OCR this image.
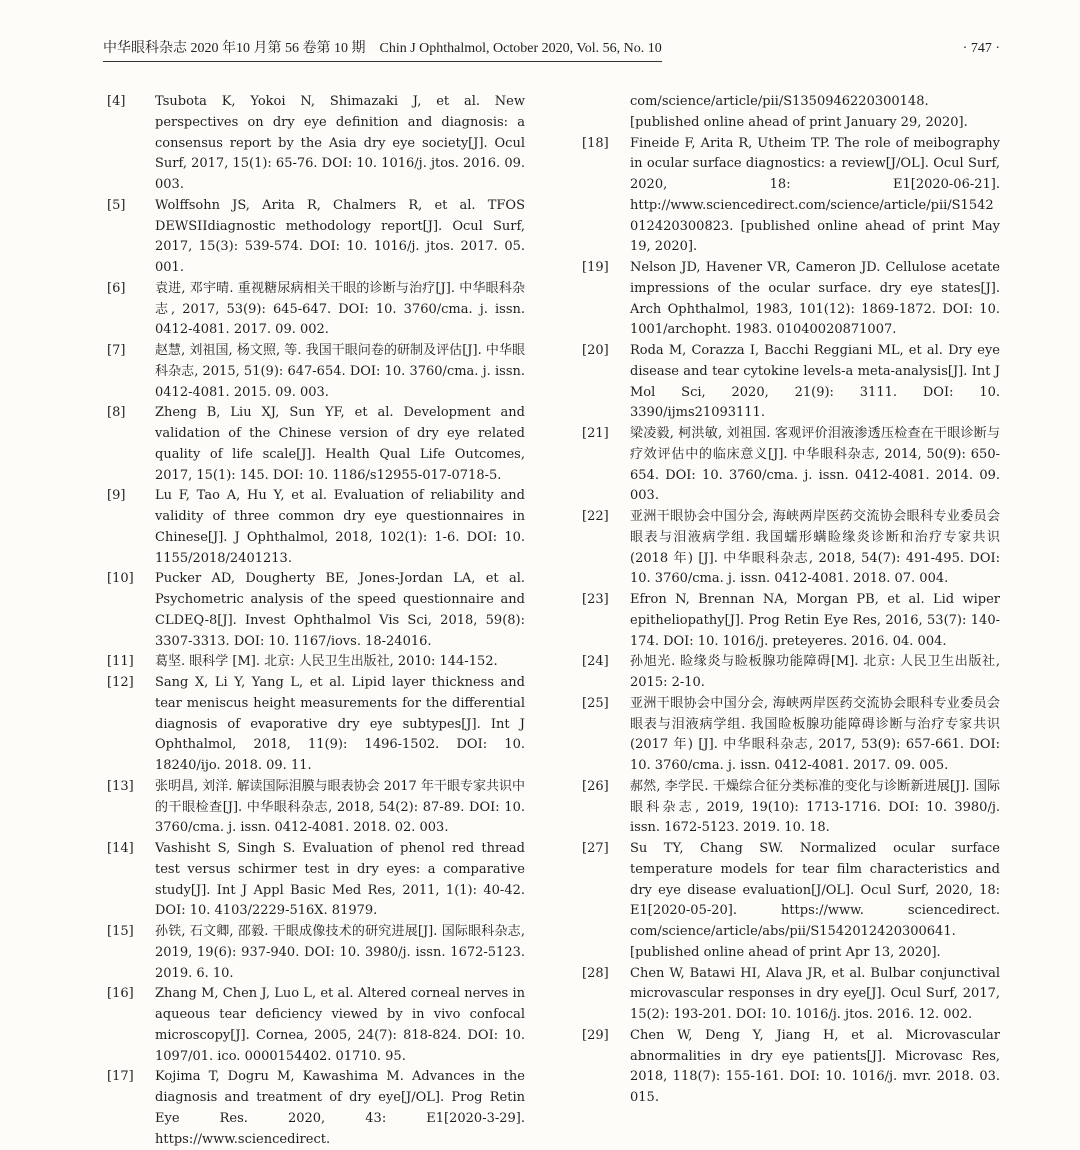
中华眼科杂志 2020 年10 月第 56 卷第 10 期 Chin J Ophthalmol, October 2020, Vol. 56, No. 10	· 747 ·
[4] Tsubota K, Yokoi N, Shimazaki J, et al. New perspectives on dry eye definition and diagnosis: a consensus report by the Asia dry eye society[J]. Ocul Surf, 2017, 15(1): 65-76. DOI: 10. 1016/j. jtos. 2016. 09. 003.
[5] Wolffsohn JS, Arita R, Chalmers R, et al. TFOS DEWSIIdiagnostic methodology report[J]. Ocul Surf, 2017, 15(3): 539-574. DOI: 10. 1016/j. jtos. 2017. 05. 001.
[6] 袁进, 邓宇晴. 重视糖尿病相关干眼的诊断与治疗[J]. 中华眼科杂志, 2017, 53(9): 645-647. DOI: 10. 3760/cma. j. issn. 0412-4081. 2017. 09. 002.
[7] 赵慧, 刘祖国, 杨文照, 等. 我国干眼问卷的研制及评估[J]. 中华眼科杂志, 2015, 51(9): 647-654. DOI: 10. 3760/cma. j. issn. 0412-4081. 2015. 09. 003.
[8] Zheng B, Liu XJ, Sun YF, et al. Development and validation of the Chinese version of dry eye related quality of life scale[J]. Health Qual Life Outcomes, 2017, 15(1): 145. DOI: 10. 1186/s12955-017-0718-5.
[9] Lu F, Tao A, Hu Y, et al. Evaluation of reliability and validity of three common dry eye questionnaires in Chinese[J]. J Ophthalmol, 2018, 102(1): 1-6. DOI: 10. 1155/2018/2401213.
[10] Pucker AD, Dougherty BE, Jones-Jordan LA, et al. Psychometric analysis of the speed questionnaire and CLDEQ-8[J]. Invest Ophthalmol Vis Sci, 2018, 59(8): 3307-3313. DOI: 10. 1167/iovs. 18-24016.
[11] 葛坚. 眼科学 [M]. 北京: 人民卫生出版社, 2010: 144-152.
[12] Sang X, Li Y, Yang L, et al. Lipid layer thickness and tear meniscus height measurements for the differential diagnosis of evaporative dry eye subtypes[J]. Int J Ophthalmol, 2018, 11(9): 1496-1502. DOI: 10. 18240/ijo. 2018. 09. 11.
[13] 张明昌, 刘洋. 解读国际泪膜与眼表协会 2017 年干眼专家共识中的干眼检查[J]. 中华眼科杂志, 2018, 54(2): 87-89. DOI: 10. 3760/cma. j. issn. 0412-4081. 2018. 02. 003.
[14] Vashisht S, Singh S. Evaluation of phenol red thread test versus schirmer test in dry eyes: a comparative study[J]. Int J Appl Basic Med Res, 2011, 1(1): 40-42. DOI: 10. 4103/2229-516X. 81979.
[15] 孙铁, 石文卿, 邵毅. 干眼成像技术的研究进展[J]. 国际眼科杂志, 2019, 19(6): 937-940. DOI: 10. 3980/j. issn. 1672-5123. 2019. 6. 10.
[16] Zhang M, Chen J, Luo L, et al. Altered corneal nerves in aqueous tear deficiency viewed by in vivo confocal microscopy[J]. Cornea, 2005, 24(7): 818-824. DOI: 10. 1097/01. ico. 0000154402. 01710. 95.
[17] Kojima T, Dogru M, Kawashima M. Advances in the diagnosis and treatment of dry eye[J/OL]. Prog Retin Eye Res. 2020, 43: E1[2020-3-29]. https://www.sciencedirect.
com/science/article/pii/S1350946220300148. [published online ahead of print January 29, 2020].
[18] Fineide F, Arita R, Utheim TP. The role of meibography in ocular surface diagnostics: a review[J/OL]. Ocul Surf, 2020, 18: E1[2020-06-21]. http://www.sciencedirect.com/science/article/pii/S1542012420300823. [published online ahead of print May 19, 2020].
[19] Nelson JD, Havener VR, Cameron JD. Cellulose acetate impressions of the ocular surface. dry eye states[J]. Arch Ophthalmol, 1983, 101(12): 1869-1872. DOI: 10. 1001/archopht. 1983. 01040020871007.
[20] Roda M, Corazza I, Bacchi Reggiani ML, et al. Dry eye disease and tear cytokine levels-a meta-analysis[J]. Int J Mol Sci, 2020, 21(9): 3111. DOI: 10. 3390/ijms21093111.
[21] 梁凌毅, 柯洪敏, 刘祖国. 客观评价泪液渗透压检查在干眼诊断与疗效评估中的临床意义[J]. 中华眼科杂志, 2014, 50(9): 650-654. DOI: 10. 3760/cma. j. issn. 0412-4081. 2014. 09. 003.
[22] 亚洲干眼协会中国分会, 海峡两岸医药交流协会眼科专业委员会眼表与泪液病学组. 我国蠕形螨睑缘炎诊断和治疗专家共识(2018 年) [J]. 中华眼科杂志, 2018, 54(7): 491-495. DOI: 10. 3760/cma. j. issn. 0412-4081. 2018. 07. 004.
[23] Efron N, Brennan NA, Morgan PB, et al. Lid wiper epitheliopathy[J]. Prog Retin Eye Res, 2016, 53(7): 140-174. DOI: 10. 1016/j. preteyeres. 2016. 04. 004.
[24] 孙旭光. 睑缘炎与睑板腺功能障碍[M]. 北京: 人民卫生出版社, 2015: 2-10.
[25] 亚洲干眼协会中国分会, 海峡两岸医药交流协会眼科专业委员会眼表与泪液病学组. 我国睑板腺功能障碍诊断与治疗专家共识(2017 年) [J]. 中华眼科杂志, 2017, 53(9): 657-661. DOI: 10. 3760/cma. j. issn. 0412-4081. 2017. 09. 005.
[26] 郝然, 李学民. 干燥综合征分类标准的变化与诊断新进展[J]. 国际眼科杂志, 2019, 19(10): 1713-1716. DOI: 10. 3980/j. issn. 1672-5123. 2019. 10. 18.
[27] Su TY, Chang SW. Normalized ocular surface temperature models for tear film characteristics and dry eye disease evaluation[J/OL]. Ocul Surf, 2020, 18: E1[2020-05-20]. https://www. sciencedirect. com/science/article/abs/pii/S1542012420300641. [published online ahead of print Apr 13, 2020].
[28] Chen W, Batawi HI, Alava JR, et al. Bulbar conjunctival microvascular responses in dry eye[J]. Ocul Surf, 2017, 15(2): 193-201. DOI: 10. 1016/j. jtos. 2016. 12. 002.
[29] Chen W, Deng Y, Jiang H, et al. Microvascular abnormalities in dry eye patients[J]. Microvasc Res, 2018, 118(7): 155-161. DOI: 10. 1016/j. mvr. 2018. 03. 015.
